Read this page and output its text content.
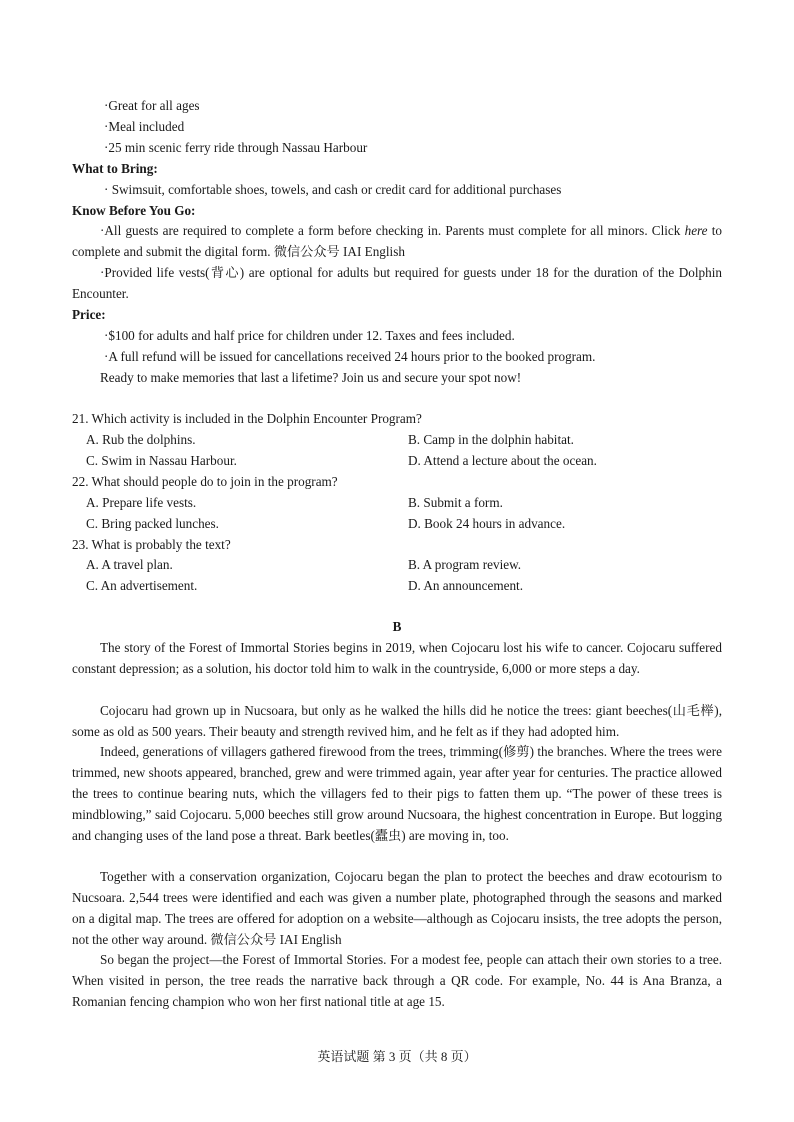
·Great for all ages
·Meal included
·25 min scenic ferry ride through Nassau Harbour
What to Bring:
· Swimsuit, comfortable shoes, towels, and cash or credit card for additional purchases
Know Before You Go:

·All guests are required to complete a form before checking in. Parents must complete for all minors. Click here to complete and submit the digital form. 微信公众号 IAI English

·Provided life vests(背心) are optional for adults but required for guests under 18 for the duration of the Dolphin Encounter.

Price:
·$100 for adults and half price for children under 12. Taxes and fees included.
·A full refund will be issued for cancellations received 24 hours prior to the booked program.
Ready to make memories that last a lifetime? Join us and secure your spot now!
21. Which activity is included in the Dolphin Encounter Program?
A. Rub the dolphins.	B. Camp in the dolphin habitat.
C. Swim in Nassau Harbour.	D. Attend a lecture about the ocean.
22. What should people do to join in the program?
A. Prepare life vests.	B. Submit a form.
C. Bring packed lunches.	D. Book 24 hours in advance.
23. What is probably the text?
A. A travel plan.	B. A program review.
C. An advertisement.	D. An announcement.
B

The story of the Forest of Immortal Stories begins in 2019, when Cojocaru lost his wife to cancer. Cojocaru suffered constant depression; as a solution, his doctor told him to walk in the countryside, 6,000 or more steps a day.

Cojocaru had grown up in Nucsoara, but only as he walked the hills did he notice the trees: giant beeches(山毛榉), some as old as 500 years. Their beauty and strength revived him, and he felt as if they had adopted him.

Indeed, generations of villagers gathered firewood from the trees, trimming(修剪) the branches. Where the trees were trimmed, new shoots appeared, branched, grew and were trimmed again, year after year for centuries. The practice allowed the trees to continue bearing nuts, which the villagers fed to their pigs to fatten them up. “The power of these trees is mindblowing,” said Cojocaru. 5,000 beeches still grow around Nucsoara, the highest concentration in Europe. But logging and changing uses of the land pose a threat. Bark beetles(蠹虫) are moving in, too.

Together with a conservation organization, Cojocaru began the plan to protect the beeches and draw ecotourism to Nucsoara. 2,544 trees were identified and each was given a number plate, photographed through the seasons and marked on a digital map. The trees are offered for adoption on a website—although as Cojocaru insists, the tree adopts the person, not the other way around. 微信公众号 IAI English

So began the project—the Forest of Immortal Stories. For a modest fee, people can attach their own stories to a tree. When visited in person, the tree reads the narrative back through a QR code. For example, No. 44 is Ana Branza, a Romanian fencing champion who won her first national title at age 15.

英语试题 第 3 页（共 8 页）
